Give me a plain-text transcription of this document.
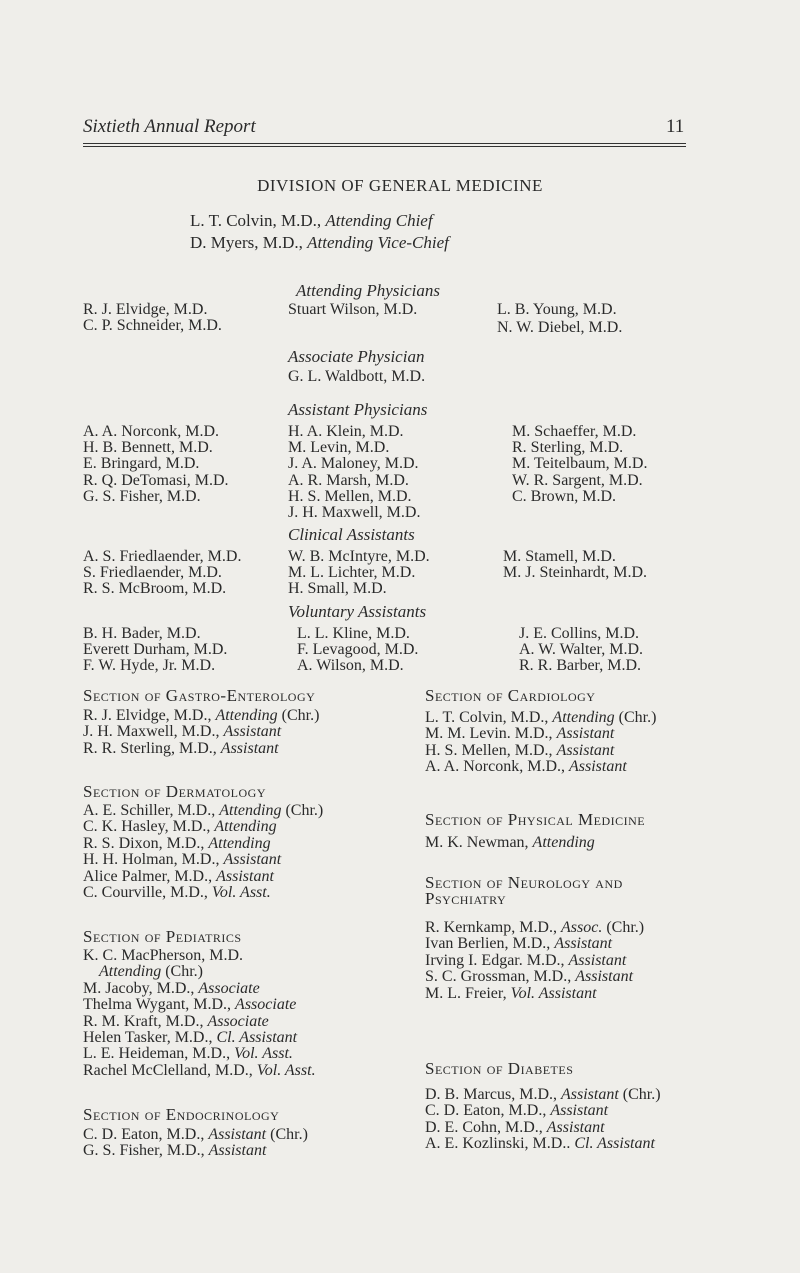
Sixtieth Annual Report	11
DIVISION OF GENERAL MEDICINE
L. T. Colvin, M.D., Attending Chief
D. Myers, M.D., Attending Vice-Chief
Attending Physicians
R. J. Elvidge, M.D.
C. P. Schneider, M.D.
Stuart Wilson, M.D.	L. B. Young, M.D.
N. W. Diebel, M.D.
Associate Physician
G. L. Waldbott, M.D.
Assistant Physicians
A. A. Norconk, M.D.
H. B. Bennett, M.D.
E. Bringard, M.D.
R. Q. DeTomasi, M.D.
G. S. Fisher, M.D.
H. A. Klein, M.D.
M. Levin, M.D.
J. A. Maloney, M.D.
A. R. Marsh, M.D.
H. S. Mellen, M.D.
J. H. Maxwell, M.D.
M. Schaeffer, M.D.
R. Sterling, M.D.
M. Teitelbaum, M.D.
W. R. Sargent, M.D.
C. Brown, M.D.
Clinical Assistants
A. S. Friedlaender, M.D.
S. Friedlaender, M.D.
R. S. McBroom, M.D.
W. B. McIntyre, M.D.
M. L. Lichter, M.D.
H. Small, M.D.
M. Stamell, M.D.
M. J. Steinhardt, M.D.
Voluntary Assistants
B. H. Bader, M.D.
Everett Durham, M.D.
F. W. Hyde, Jr. M.D.
L. L. Kline, M.D.
F. Levagood, M.D.
A. Wilson, M.D.
J. E. Collins, M.D.
A. W. Walter, M.D.
R. R. Barber, M.D.
Section of Gastro-Enterology
R. J. Elvidge, M.D., Attending (Chr.)
J. H. Maxwell, M.D., Assistant
R. R. Sterling, M.D., Assistant
Section of Dermatology
A. E. Schiller, M.D., Attending (Chr.)
C. K. Hasley, M.D., Attending
R. S. Dixon, M.D., Attending
H. H. Holman, M.D., Assistant
Alice Palmer, M.D., Assistant
C. Courville, M.D., Vol. Asst.
Section of Pediatrics
K. C. MacPherson, M.D.
Attending (Chr.)
M. Jacoby, M.D., Associate
Thelma Wygant, M.D., Associate
R. M. Kraft, M.D., Associate
Helen Tasker, M.D., Cl. Assistant
L. E. Heideman, M.D., Vol. Asst.
Rachel McClelland, M.D., Vol. Asst.
Section of Endocrinology
C. D. Eaton, M.D., Assistant (Chr.)
G. S. Fisher, M.D., Assistant
Section of Cardiology
L. T. Colvin, M.D., Attending (Chr.)
M. M. Levin. M.D., Assistant
H. S. Mellen, M.D., Assistant
A. A. Norconk, M.D., Assistant
Section of Physical Medicine
M. K. Newman, Attending
Section of Neurology and Psychiatry
R. Kernkamp, M.D., Assoc. (Chr.)
Ivan Berlien, M.D., Assistant
Irving I. Edgar. M.D., Assistant
S. C. Grossman, M.D., Assistant
M. L. Freier, Vol. Assistant
Section of Diabetes
D. B. Marcus, M.D., Assistant (Chr.)
C. D. Eaton, M.D., Assistant
D. E. Cohn, M.D., Assistant
A. E. Kozlinski, M.D.. Cl. Assistant
